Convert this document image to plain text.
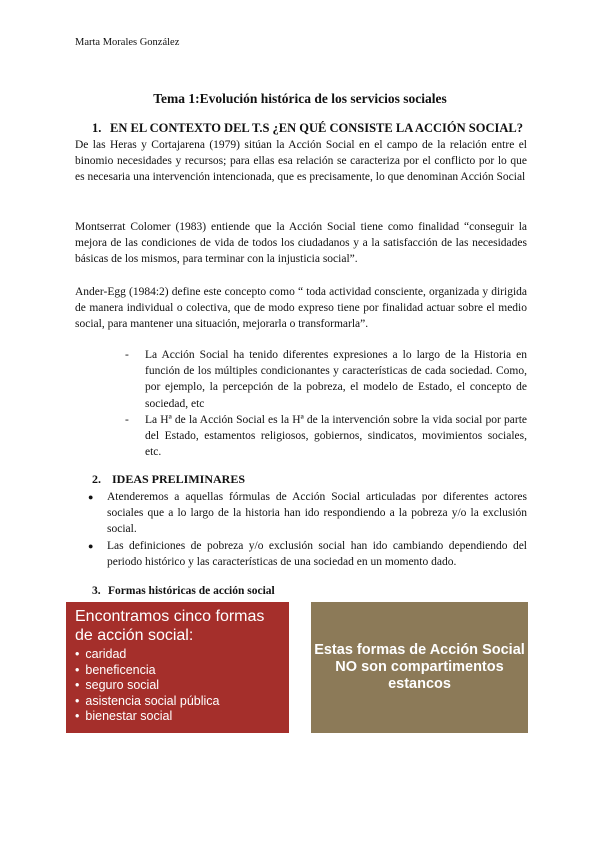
Marta Morales González
Tema 1:Evolución histórica de los servicios sociales
1. EN EL CONTEXTO DEL T.S ¿EN QUÉ CONSISTE LA ACCIÓN SOCIAL?
De las Heras y Cortajarena (1979) sitúan la Acción Social en el campo de la relación entre el binomio necesidades y recursos; para ellas esa relación se caracteriza por el conflicto por lo que es necesaria una intervención intencionada, que es precisamente, lo que denominan Acción Social
Montserrat Colomer (1983) entiende que la Acción Social tiene como finalidad “conseguir la mejora de las condiciones de vida de todos los ciudadanos y a la satisfacción de las necesidades básicas de los mismos, para terminar con la injusticia social”.
Ander-Egg (1984:2) define este concepto como “ toda actividad consciente, organizada y dirigida de manera individual o colectiva, que de modo expreso tiene por finalidad actuar sobre el medio social, para mantener una situación, mejorarla o transformarla”.
- La Acción Social ha tenido diferentes expresiones a lo largo de la Historia en función de los múltiples condicionantes y características de cada sociedad. Como, por ejemplo, la percepción de la pobreza, el modelo de Estado, el concepto de sociedad, etc
- La Hª de la Acción Social es la Hª de la intervención sobre la vida social por parte del Estado, estamentos religiosos, gobiernos, sindicatos, movimientos sociales, etc.
2. IDEAS PRELIMINARES
● Atenderemos a aquellas fórmulas de Acción Social articuladas por diferentes actores sociales que a lo largo de la historia han ido respondiendo a la pobreza y/o la exclusión social.
● Las definiciones de pobreza y/o exclusión social han ido cambiando dependiendo del periodo histórico y las características de una sociedad en un momento dado.
3. Formas históricas de acción social
Encontramos cinco formas de acción social:
• caridad
• beneficencia
• seguro social
• asistencia social pública
• bienestar social
Estas formas de Acción Social NO son compartimentos estancos
